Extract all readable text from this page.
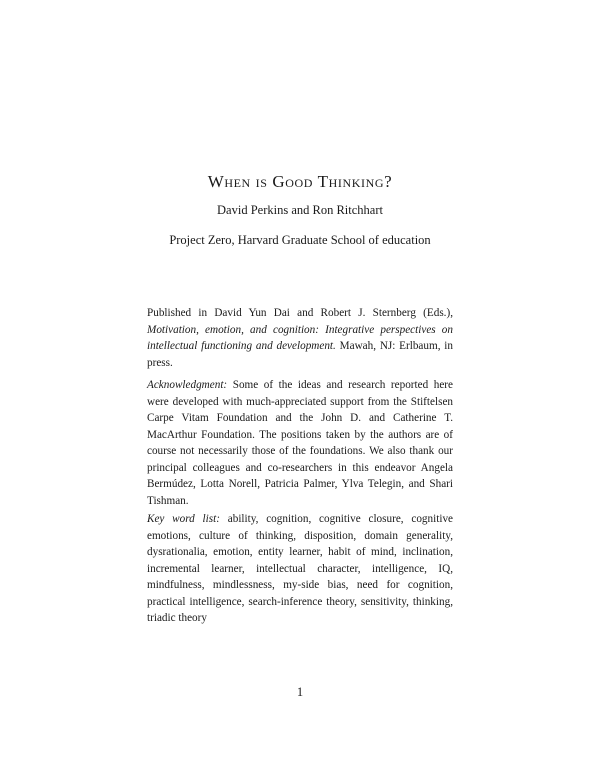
When is Good Thinking?
David Perkins and Ron Ritchhart
Project Zero, Harvard Graduate School of education
Published in David Yun Dai and Robert J. Sternberg (Eds.), Motivation, emotion, and cognition: Integrative perspectives on intellectual functioning and development. Mawah, NJ: Erlbaum, in press.
Acknowledgment: Some of the ideas and research reported here were developed with much-appreciated support from the Stiftelsen Carpe Vitam Foundation and the John D. and Catherine T. MacArthur Foundation. The positions taken by the authors are of course not necessarily those of the foundations. We also thank our principal colleagues and co-researchers in this endeavor Angela Bermúdez, Lotta Norell, Patricia Palmer, Ylva Telegin, and Shari Tishman.
Key word list: ability, cognition, cognitive closure, cognitive emotions, culture of thinking, disposition, domain generality, dysrationalia, emotion, entity learner, habit of mind, inclination, incremental learner, intellectual character, intelligence, IQ, mindfulness, mindlessness, my-side bias, need for cognition, practical intelligence, search-inference theory, sensitivity, thinking, triadic theory
1
